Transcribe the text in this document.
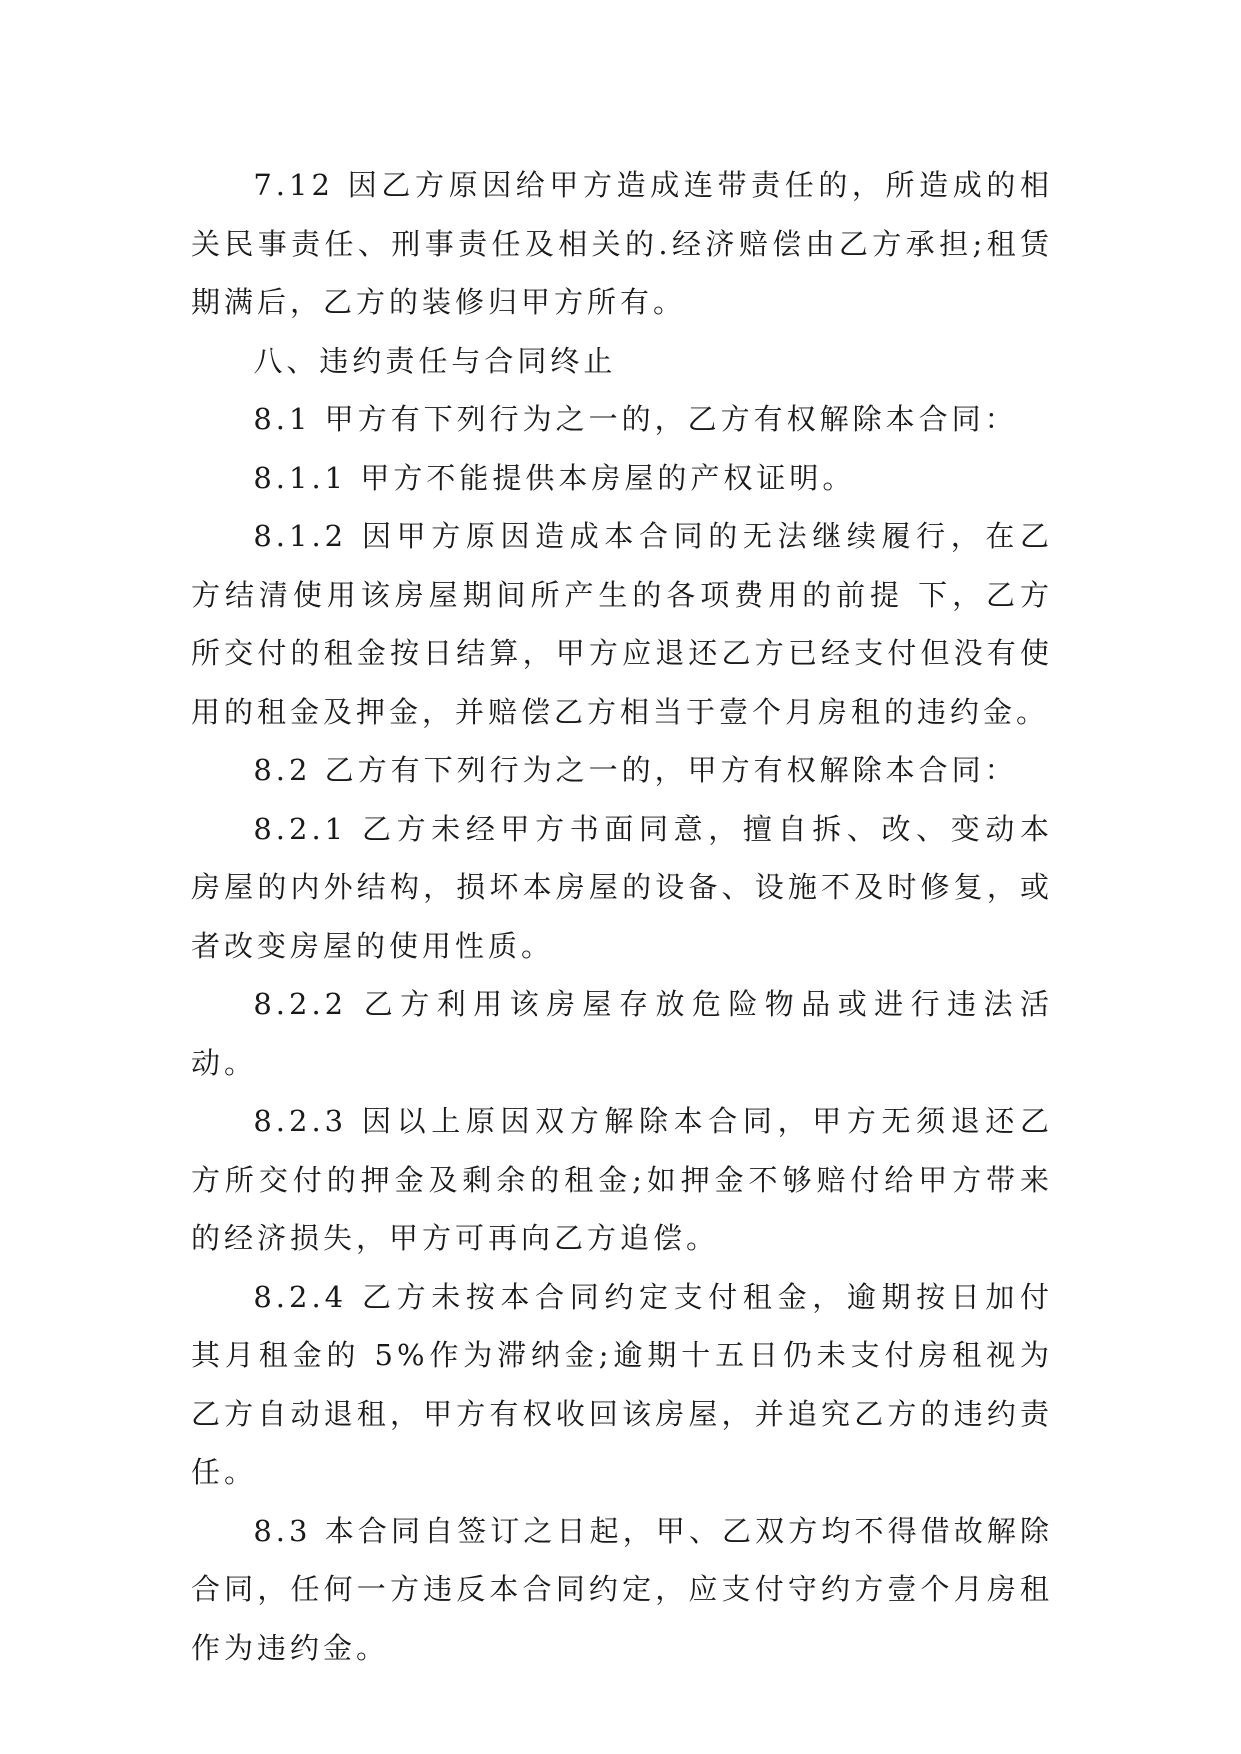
7.12 因乙方原因给甲方造成连带责任的，所造成的相关民事责任、刑事责任及相关的.经济赔偿由乙方承担;租赁期满后，乙方的装修归甲方所有。

八、违约责任与合同终止

8.1 甲方有下列行为之一的，乙方有权解除本合同：

8.1.1 甲方不能提供本房屋的产权证明。

8.1.2 因甲方原因造成本合同的无法继续履行，在乙方结清使用该房屋期间所产生的各项费用的前提 下，乙方所交付的租金按日结算，甲方应退还乙方已经支付但没有使用的租金及押金，并赔偿乙方相当于壹个月房租的违约金。

8.2 乙方有下列行为之一的，甲方有权解除本合同：

8.2.1 乙方未经甲方书面同意，擅自拆、改、变动本房屋的内外结构，损坏本房屋的设备、设施不及时修复，或者改变房屋的使用性质。

8.2.2 乙方利用该房屋存放危险物品或进行违法活动。

8.2.3 因以上原因双方解除本合同，甲方无须退还乙方所交付的押金及剩余的租金;如押金不够赔付给甲方带来的经济损失，甲方可再向乙方追偿。

8.2.4 乙方未按本合同约定支付租金，逾期按日加付其月租金的 5%作为滞纳金;逾期十五日仍未支付房租视为乙方自动退租，甲方有权收回该房屋，并追究乙方的违约责任。

8.3 本合同自签订之日起，甲、乙双方均不得借故解除合同，任何一方违反本合同约定，应支付守约方壹个月房租作为违约金。
